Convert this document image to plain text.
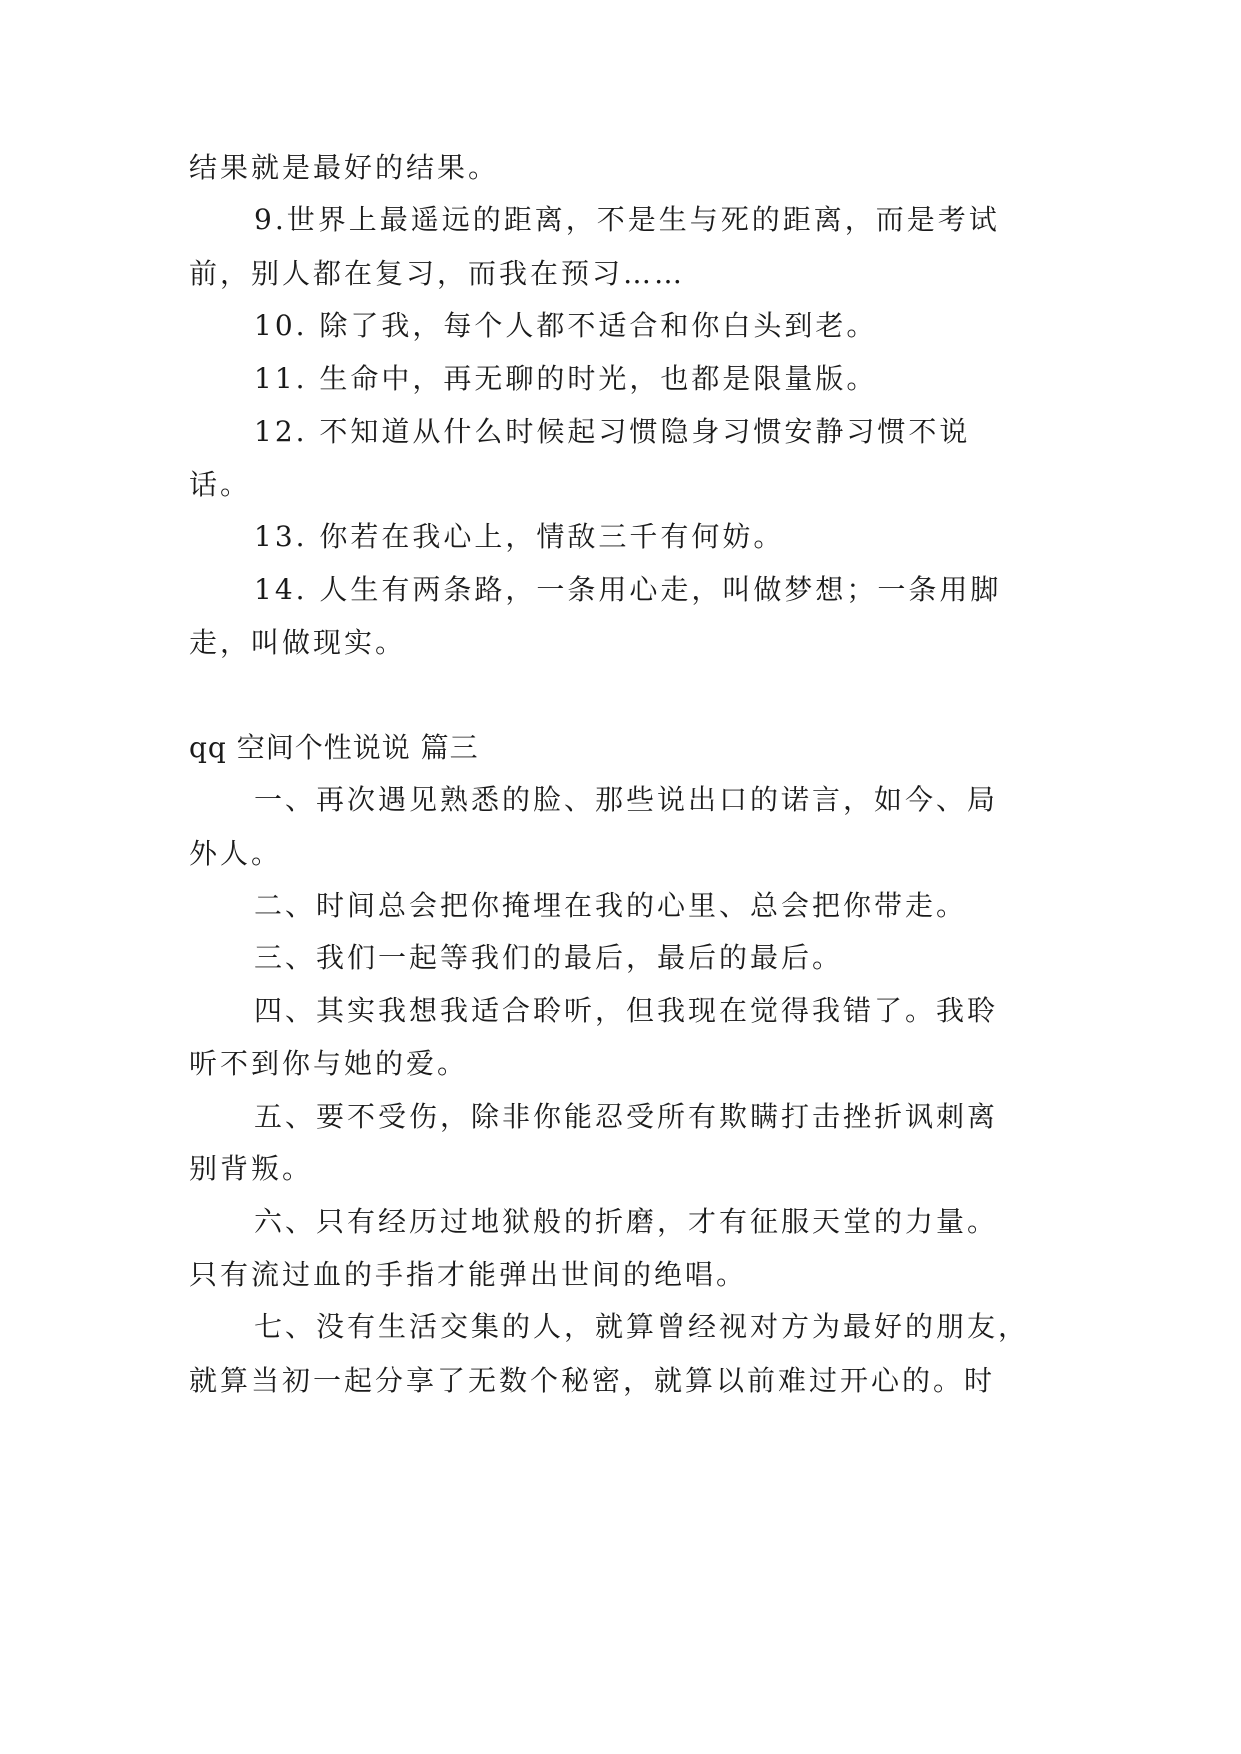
结果就是最好的结果。
9.世界上最遥远的距离，不是生与死的距离，而是考试
前，别人都在复习，而我在预习……
10. 除了我，每个人都不适合和你白头到老。
11. 生命中，再无聊的时光，也都是限量版。
12. 不知道从什么时候起习惯隐身习惯安静习惯不说
话。
13. 你若在我心上，情敌三千有何妨。
14. 人生有两条路，一条用心走，叫做梦想；一条用脚
走，叫做现实。
qq 空间个性说说 篇三
一、再次遇见熟悉的脸、那些说出口的诺言，如今、局
外人。
二、时间总会把你掩埋在我的心里、总会把你带走。
三、我们一起等我们的最后，最后的最后。
四、其实我想我适合聆听，但我现在觉得我错了。我聆
听不到你与她的爱。
五、要不受伤，除非你能忍受所有欺瞒打击挫折讽刺离
别背叛。
六、只有经历过地狱般的折磨，才有征服天堂的力量。
只有流过血的手指才能弹出世间的绝唱。
七、没有生活交集的人，就算曾经视对方为最好的朋友，
就算当初一起分享了无数个秘密，就算以前难过开心的。时
